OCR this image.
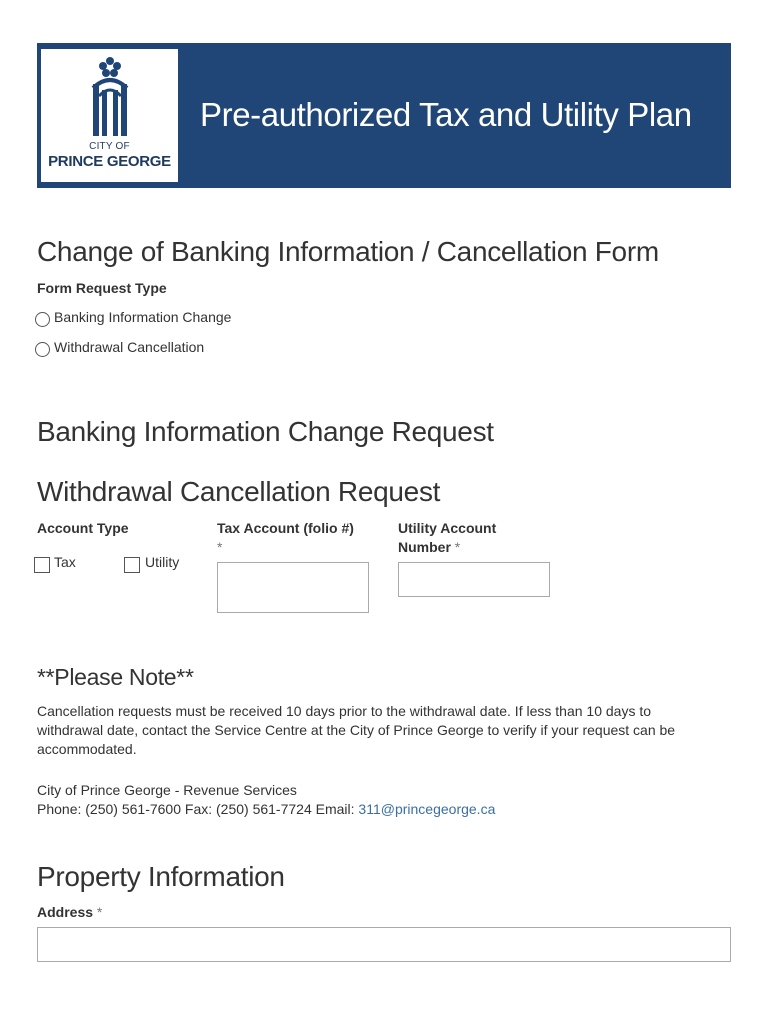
CITY OF
PRINCE GEORGE
Pre-authorized Tax and Utility Plan
Change of Banking Information / Cancellation Form
Form Request Type
Banking Information Change
Withdrawal Cancellation
Banking Information Change Request
Withdrawal Cancellation Request
Account Type
Tax	Utility
Tax Account (folio #)
*
Utility Account
Number *
**Please Note**
Cancellation requests must be received 10 days prior to the withdrawal date. If less than 10 days to
withdrawal date, contact the Service Centre at the City of Prince George to verify if your request can be
accommodated.
City of Prince George - Revenue Services
Phone: (250) 561-7600 Fax: (250) 561-7724 Email: 311@princegeorge.ca
Property Information
Address *
